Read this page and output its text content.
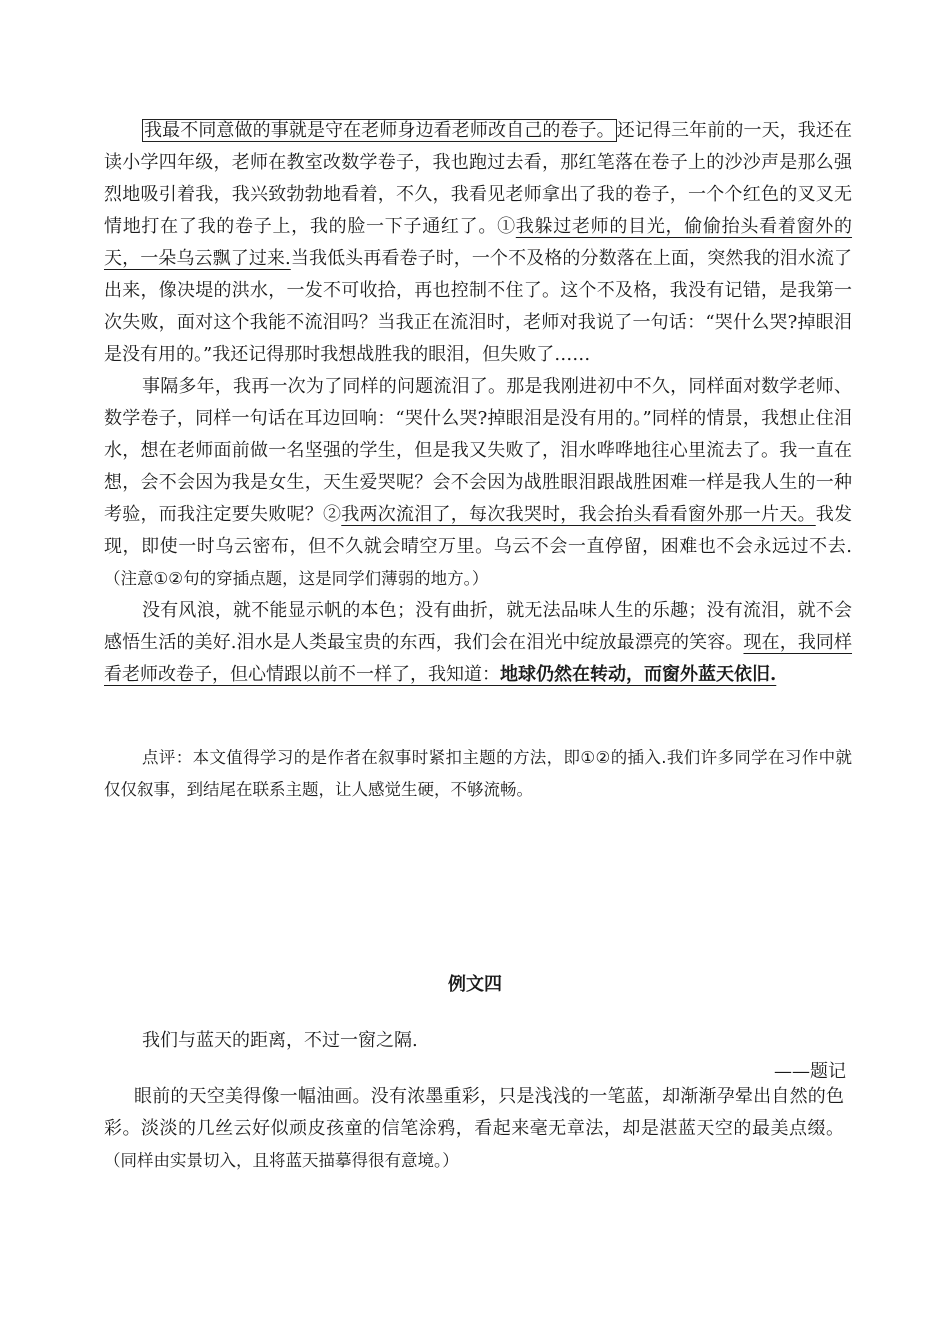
我最不同意做的事就是守在老师身边看老师改自己的卷子。 还记得三年前的一天，我还在读小学四年级，老师在教室改数学卷子，我也跑过去看，那红笔落在卷子上的沙沙声是那么强烈地吸引着我，我兴致勃勃地看着，不久，我看见老师拿出了我的卷子，一个个红色的叉叉无情地打在了我的卷子上，我的脸一下子通红了。①我躲过老师的目光，偷偷抬头看着窗外的天，一朵乌云飘了过来.当我低头再看卷子时，一个不及格的分数落在上面，突然我的泪水流了出来，像决堤的洪水，一发不可收拾，再也控制不住了。这个不及格，我没有记错，是我第一次失败，面对这个我能不流泪吗？当我正在流泪时，老师对我说了一句话：“哭什么哭?掉眼泪是没有用的。”我还记得那时我想战胜我的眼泪，但失败了……

事隔多年，我再一次为了同样的问题流泪了。那是我刚进初中不久，同样面对数学老师、数学卷子，同样一句话在耳边回响：“哭什么哭?掉眼泪是没有用的。”同样的情景，我想止住泪水，想在老师面前做一名坚强的学生，但是我又失败了，泪水哗哗地往心里流去了。我一直在想，会不会因为我是女生，天生爱哭呢？会不会因为战胜眼泪跟战胜困难一样是我人生的一种考验，而我注定要失败呢？②我两次流泪了，每次我哭时，我会抬头看看窗外那一片天。我发现，即使一时乌云密布，但不久就会晴空万里。乌云不会一直停留，困难也不会永远过不去.（注意①②句的穿插点题，这是同学们薄弱的地方。）

没有风浪，就不能显示帆的本色；没有曲折，就无法品味人生的乐趣；没有流泪，就不会感悟生活的美好.泪水是人类最宝贵的东西，我们会在泪光中绽放最漂亮的笑容。现在，我同样看老师改卷子，但心情跟以前不一样了，我知道：地球仍然在转动，而窗外蓝天依旧.

点评：本文值得学习的是作者在叙事时紧扣主题的方法，即①②的插入.我们许多同学在习作中就仅仅叙事，到结尾在联系主题，让人感觉生硬，不够流畅。

例文四
我们与蓝天的距离，不过一窗之隔.
——题记

眼前的天空美得像一幅油画。没有浓墨重彩，只是浅浅的一笔蓝，却渐渐孕晕出自然的色彩。淡淡的几丝云好似顽皮孩童的信笔涂鸦，看起来毫无章法，却是湛蓝天空的最美点缀。（同样由实景切入，且将蓝天描摹得很有意境。）
